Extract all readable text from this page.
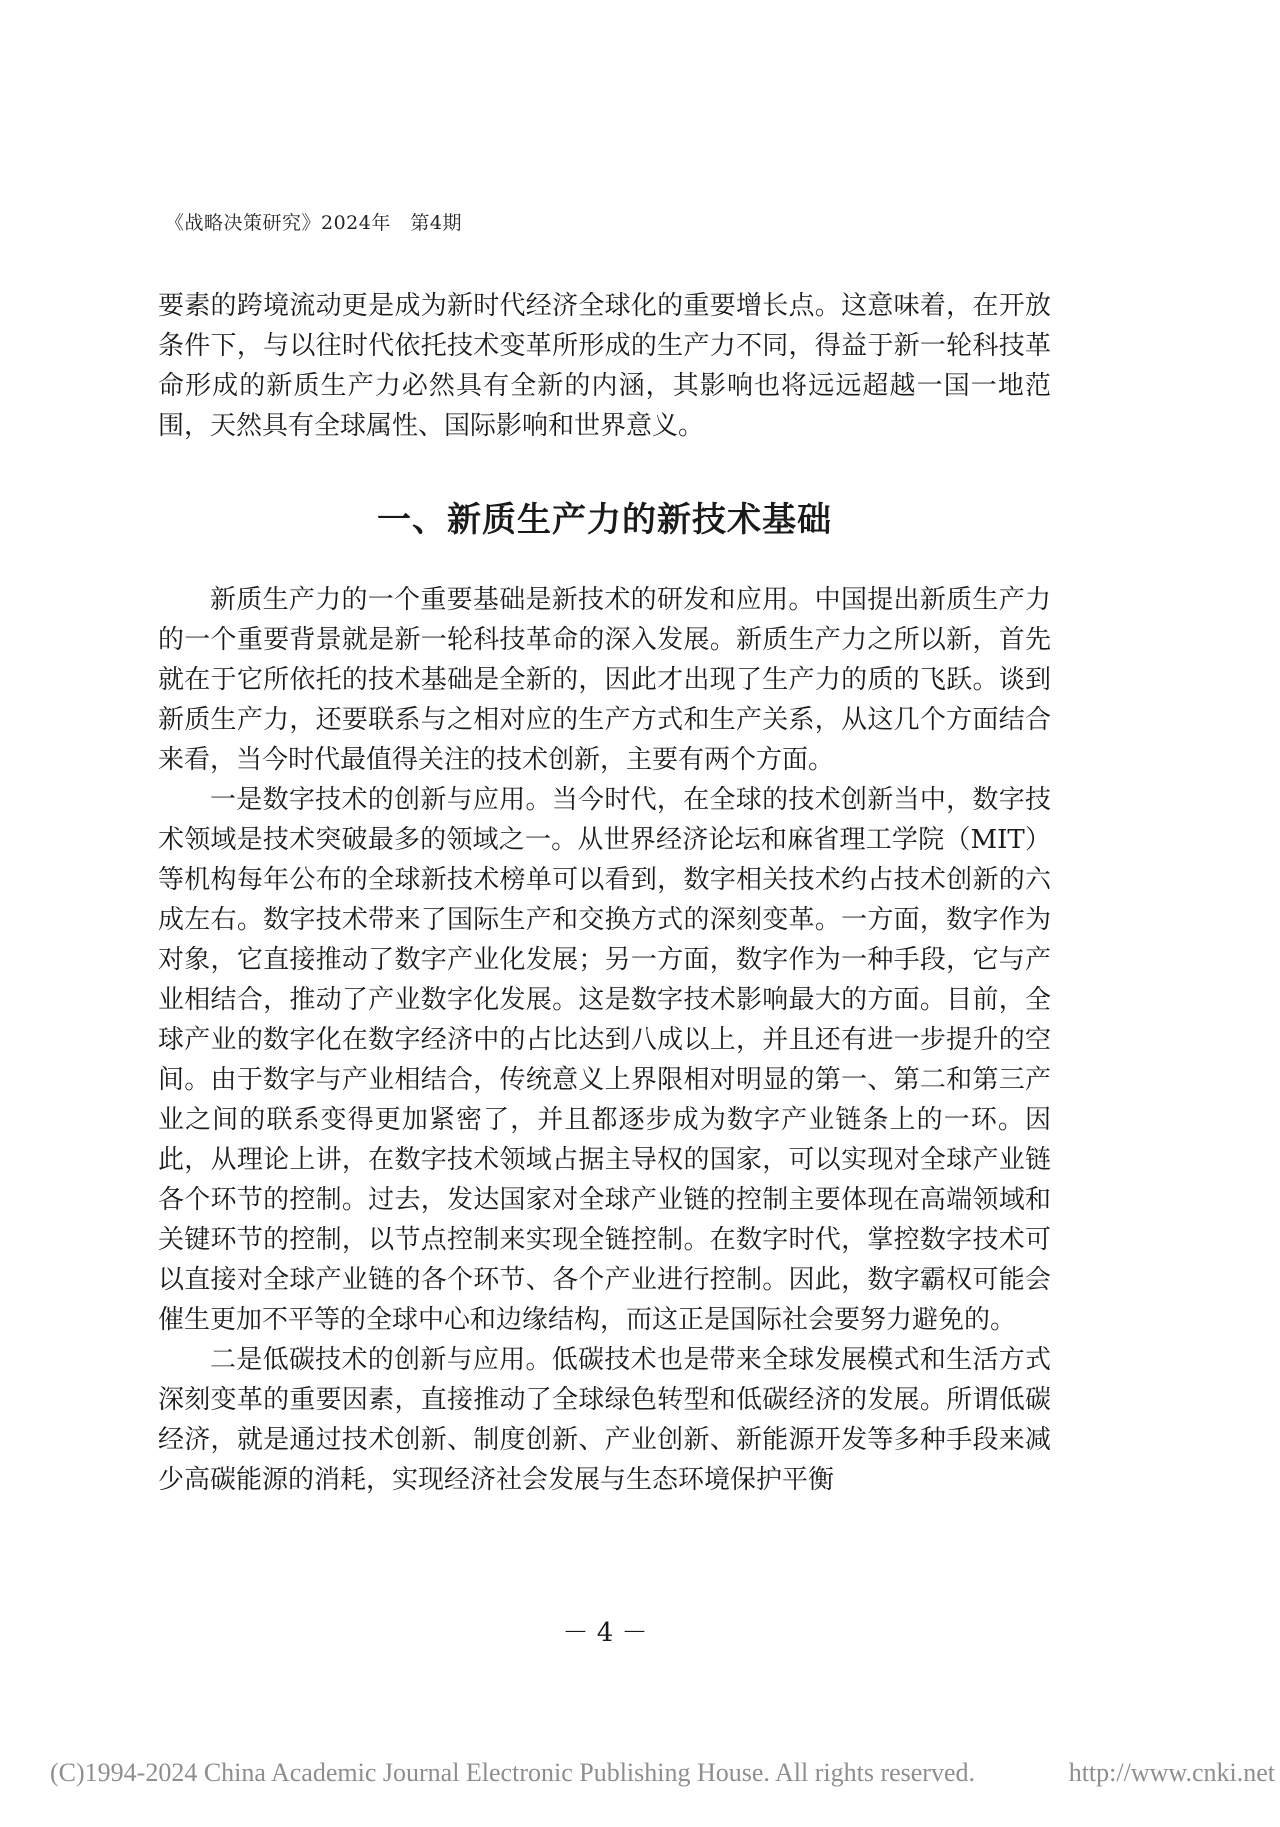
《战略决策研究》2024年　第4期

要素的跨境流动更是成为新时代经济全球化的重要增长点。这意味着，在开放条件下，与以往时代依托技术变革所形成的生产力不同，得益于新一轮科技革命形成的新质生产力必然具有全新的内涵，其影响也将远远超越一国一地范围，天然具有全球属性、国际影响和世界意义。

一、新质生产力的新技术基础

新质生产力的一个重要基础是新技术的研发和应用。中国提出新质生产力的一个重要背景就是新一轮科技革命的深入发展。新质生产力之所以新，首先就在于它所依托的技术基础是全新的，因此才出现了生产力的质的飞跃。谈到新质生产力，还要联系与之相对应的生产方式和生产关系，从这几个方面结合来看，当今时代最值得关注的技术创新，主要有两个方面。

一是数字技术的创新与应用。当今时代，在全球的技术创新当中，数字技术领域是技术突破最多的领域之一。从世界经济论坛和麻省理工学院（MIT）等机构每年公布的全球新技术榜单可以看到，数字相关技术约占技术创新的六成左右。数字技术带来了国际生产和交换方式的深刻变革。一方面，数字作为对象，它直接推动了数字产业化发展；另一方面，数字作为一种手段，它与产业相结合，推动了产业数字化发展。这是数字技术影响最大的方面。目前，全球产业的数字化在数字经济中的占比达到八成以上，并且还有进一步提升的空间。由于数字与产业相结合，传统意义上界限相对明显的第一、第二和第三产业之间的联系变得更加紧密了，并且都逐步成为数字产业链条上的一环。因此，从理论上讲，在数字技术领域占据主导权的国家，可以实现对全球产业链各个环节的控制。过去，发达国家对全球产业链的控制主要体现在高端领域和关键环节的控制，以节点控制来实现全链控制。在数字时代，掌控数字技术可以直接对全球产业链的各个环节、各个产业进行控制。因此，数字霸权可能会催生更加不平等的全球中心和边缘结构，而这正是国际社会要努力避免的。

二是低碳技术的创新与应用。低碳技术也是带来全球发展模式和生活方式深刻变革的重要因素，直接推动了全球绿色转型和低碳经济的发展。所谓低碳经济，就是通过技术创新、制度创新、产业创新、新能源开发等多种手段来减少高碳能源的消耗，实现经济社会发展与生态环境保护平衡

－ 4 －
(C)1994-2024 China Academic Journal Electronic Publishing House. All rights reserved.	http://www.cnki.net
